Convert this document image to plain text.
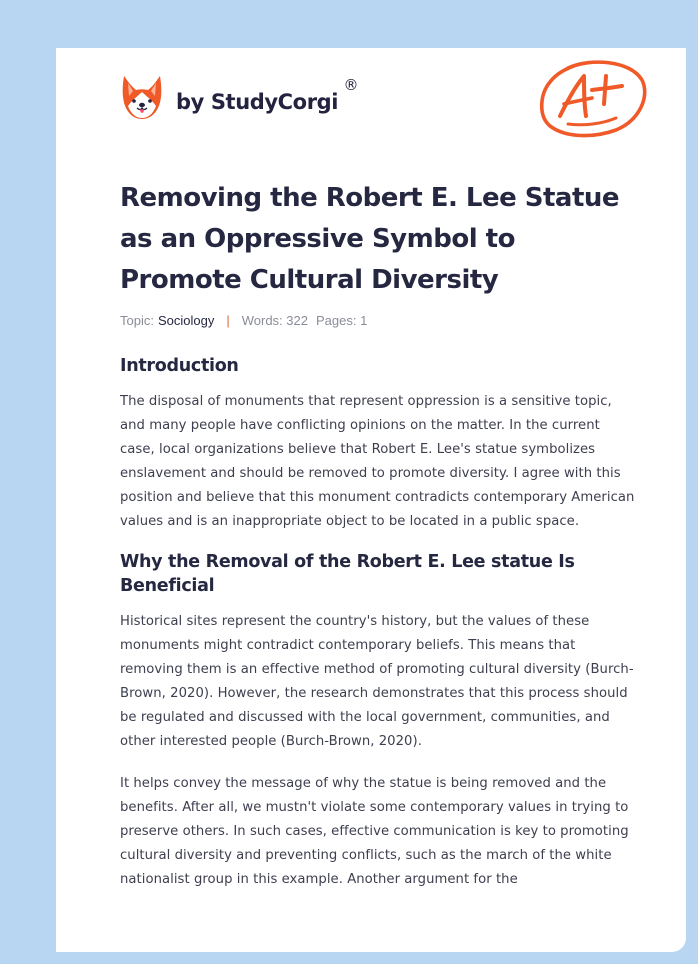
by StudyCorgi
®
Removing the Robert E. Lee Statue as an Oppressive Symbol to Promote Cultural Diversity
Topic: Sociology | Words: 322 Pages: 1
Introduction

The disposal of monuments that represent oppression is a sensitive topic, and many people have conflicting opinions on the matter. In the current case, local organizations believe that Robert E. Lee's statue symbolizes enslavement and should be removed to promote diversity. I agree with this position and believe that this monument contradicts contemporary American values and is an inappropriate object to be located in a public space.

Why the Removal of the Robert E. Lee statue Is Beneficial

Historical sites represent the country's history, but the values of these monuments might contradict contemporary beliefs. This means that removing them is an effective method of promoting cultural diversity (Burch-Brown, 2020). However, the research demonstrates that this process should be regulated and discussed with the local government, communities, and other interested people (Burch-Brown, 2020).

It helps convey the message of why the statue is being removed and the benefits. After all, we mustn't violate some contemporary values in trying to preserve others. In such cases, effective communication is key to promoting cultural diversity and preventing conflicts, such as the march of the white nationalist group in this example. Another argument for the
